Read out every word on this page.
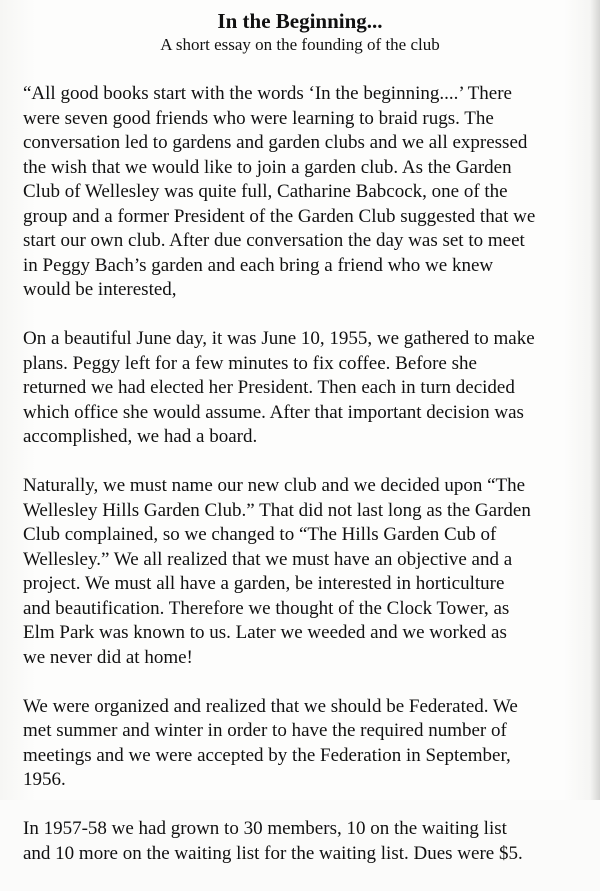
In the Beginning...

A short essay on the founding of the club

“All good books start with the words ‘In the beginning....’ There
were seven good friends who were learning to braid rugs. The
conversation led to gardens and garden clubs and we all expressed
the wish that we would like to join a garden club. As the Garden
Club of Wellesley was quite full, Catharine Babcock, one of the
group and a former President of the Garden Club suggested that we
start our own club. After due conversation the day was set to meet
in Peggy Bach’s garden and each bring a friend who we knew
would be interested,

On a beautiful June day, it was June 10, 1955, we gathered to make
plans. Peggy left for a few minutes to fix coffee. Before she
returned we had elected her President. Then each in turn decided
which office she would assume. After that important decision was
accomplished, we had a board.

Naturally, we must name our new club and we decided upon “The
Wellesley Hills Garden Club.” That did not last long as the Garden
Club complained, so we changed to “The Hills Garden Cub of
Wellesley.” We all realized that we must have an objective and a
project. We must all have a garden, be interested in horticulture
and beautification. Therefore we thought of the Clock Tower, as
Elm Park was known to us. Later we weeded and we worked as
we never did at home!

We were organized and realized that we should be Federated. We
met summer and winter in order to have the required number of
meetings and we were accepted by the Federation in September,
1956.

In 1957-58 we had grown to 30 members, 10 on the waiting list
and 10 more on the waiting list for the waiting list. Dues were $5.
